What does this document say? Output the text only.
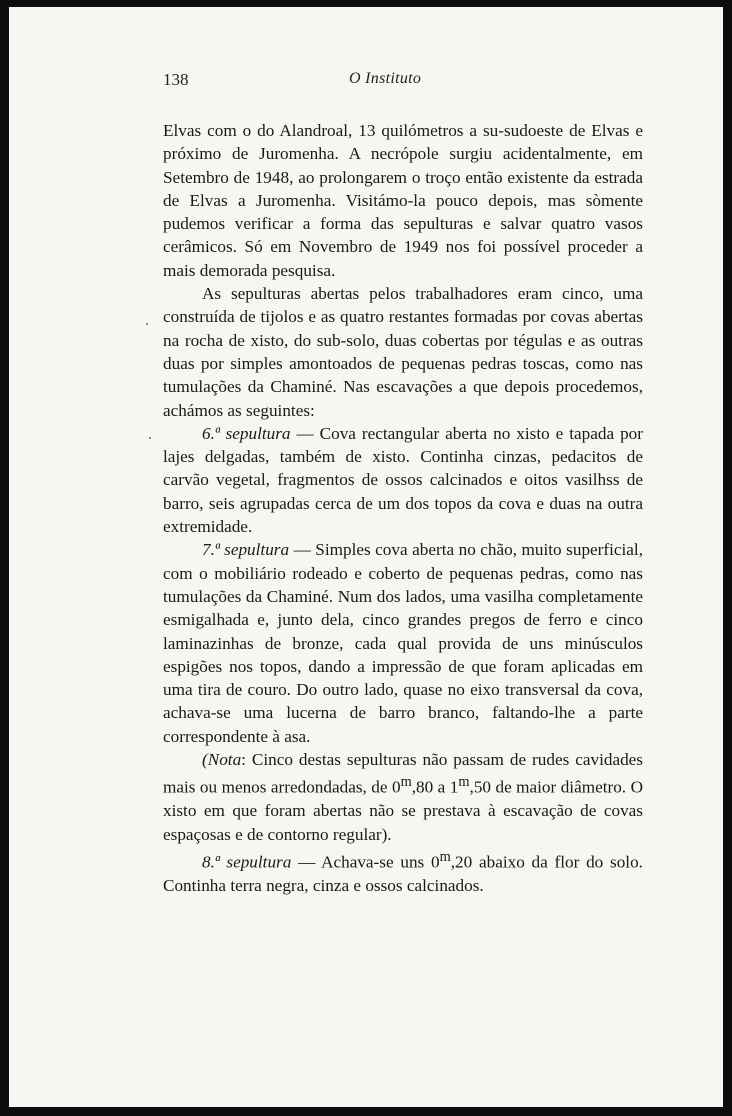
138	O Instituto

Elvas com o do Alandroal, 13 quilómetros a su-sudoeste de Elvas e próximo de Juromenha. A necrópole surgiu acidentalmente, em Setembro de 1948, ao prolongarem o troço então existente da estrada de Elvas a Juromenha. Visitámo-la pouco depois, mas sòmente pudemos verificar a forma das sepulturas e salvar quatro vasos cerâmicos. Só em Novembro de 1949 nos foi possível proceder a mais demorada pesquisa.

As sepulturas abertas pelos trabalhadores eram cinco, uma construída de tijolos e as quatro restantes formadas por covas abertas na rocha de xisto, do sub-solo, duas cobertas por tégulas e as outras duas por simples amontoados de pequenas pedras toscas, como nas tumulações da Chaminé. Nas escavações a que depois procedemos, achámos as seguintes:

6.ª sepultura — Cova rectangular aberta no xisto e tapada por lajes delgadas, também de xisto. Continha cinzas, pedacitos de carvão vegetal, fragmentos de ossos calcinados e oitos vasilhss de barro, seis agrupadas cerca de um dos topos da cova e duas na outra extremidade.

7.ª sepultura — Simples cova aberta no chão, muito superficial, com o mobiliário rodeado e coberto de pequenas pedras, como nas tumulações da Chaminé. Num dos lados, uma vasilha completamente esmigalhada e, junto dela, cinco grandes pregos de ferro e cinco laminazinhas de bronze, cada qual provida de uns minúsculos espigões nos topos, dando a impressão de que foram aplicadas em uma tira de couro. Do outro lado, quase no eixo transversal da cova, achava-se uma lucerna de barro branco, faltando-lhe a parte correspondente à asa.

(Nota: Cinco destas sepulturas não passam de rudes cavidades mais ou menos arredondadas, de 0$^m$,80 a 1$^m$,50 de maior diâmetro. O xisto em que foram abertas não se prestava à escavação de covas espaçosas e de contorno regular).

8.ª sepultura — Achava-se uns 0$^m$,20 abaixo da flor do solo. Continha terra negra, cinza e ossos calcinados.
